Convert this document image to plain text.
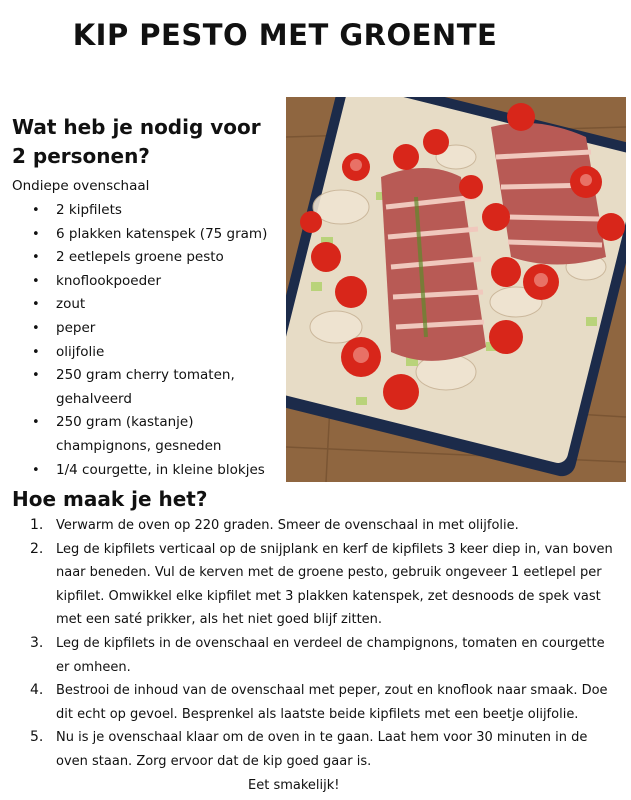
KIP PESTO MET GROENTE
Wat heb je nodig voor 2 personen?
Ondiepe ovenschaal
• 2 kipfilets
• 6 plakken katenspek (75 gram)
• 2 eetlepels groene pesto
• knoflookpoeder
• zout
• peper
• olijfolie
• 250 gram cherry tomaten, gehalveerd
• 250 gram (kastanje) champignons, gesneden
• 1/4 courgette, in kleine blokjes
Hoe maak je het?
1. Verwarm de oven op 220 graden. Smeer de ovenschaal in met olijfolie.
2. Leg de kipfilets verticaal op de snijplank en kerf de kipfilets 3 keer diep in, van boven naar beneden. Vul de kerven met de groene pesto, gebruik ongeveer 1 eetlepel per kipfilet. Omwikkel elke kipfilet met 3 plakken katenspek, zet desnoods de spek vast met een saté prikker, als het niet goed blijf zitten.
3. Leg de kipfilets in de ovenschaal en verdeel de champignons, tomaten en courgette er omheen.
4. Bestrooi de inhoud van de ovenschaal met peper, zout en knoflook naar smaak. Doe dit echt op gevoel. Besprenkel als laatste beide kipfilets met een beetje olijfolie.
5. Nu is je ovenschaal klaar om de oven in te gaan. Laat hem voor 30 minuten in de oven staan. Zorg ervoor dat de kip goed gaar is.
Eet smakelijk!
